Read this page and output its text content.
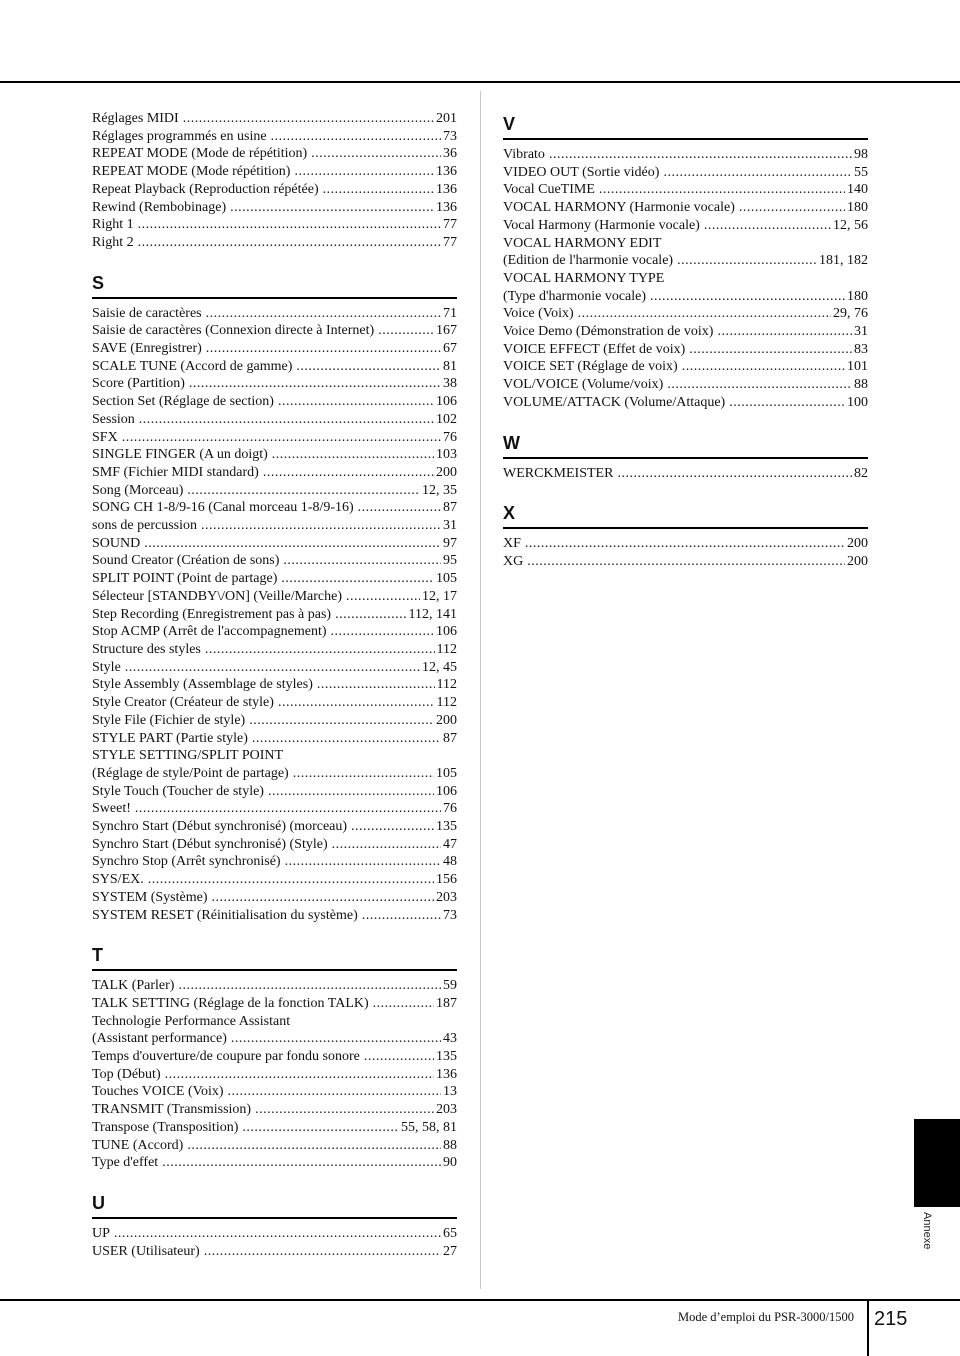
Réglages MIDI .....	201
Réglages programmés en usine .....	73
REPEAT MODE (Mode de répétition) .....	36
REPEAT MODE (Mode répétition) .....	136
Repeat Playback (Reproduction répétée) .....	136
Rewind (Rembobinage) .....	136
Right 1 .....	77
Right 2 .....	77
S
Saisie de caractères .....	71
Saisie de caractères (Connexion directe à Internet) .....	167
SAVE (Enregistrer) .....	67
SCALE TUNE (Accord de gamme) .....	81
Score (Partition) .....	38
Section Set (Réglage de section) .....	106
Session .....	102
SFX .....	76
SINGLE FINGER (A un doigt) .....	103
SMF (Fichier MIDI standard) .....	200
Song (Morceau) .....	12, 35
SONG CH 1-8/9-16 (Canal morceau 1-8/9-16) .....	87
sons de percussion .....	31
SOUND .....	97
Sound Creator (Création de sons) .....	95
SPLIT POINT (Point de partage) .....	105
Sélecteur [STANDBY\/ON] (Veille/Marche) .....	12, 17
Step Recording (Enregistrement pas à pas) .....	112, 141
Stop ACMP (Arrêt de l'accompagnement) .....	106
Structure des styles .....	112
Style .....	12, 45
Style Assembly (Assemblage de styles) .....	112
Style Creator (Créateur de style) .....	112
Style File (Fichier de style) .....	200
STYLE PART (Partie style) .....	87
STYLE SETTING/SPLIT POINT
(Réglage de style/Point de partage) .....	105
Style Touch (Toucher de style) .....	106
Sweet! .....	76
Synchro Start (Début synchronisé) (morceau) .....	135
Synchro Start (Début synchronisé) (Style) .....	47
Synchro Stop (Arrêt synchronisé) .....	48
SYS/EX. .....	156
SYSTEM (Système) .....	203
SYSTEM RESET (Réinitialisation du système) .....	73
T
TALK (Parler) .....	59
TALK SETTING (Réglage de la fonction TALK) .....	187
Technologie Performance Assistant
(Assistant performance) .....	43
Temps d'ouverture/de coupure par fondu sonore .....	135
Top (Début) .....	136
Touches VOICE (Voix) .....	13
TRANSMIT (Transmission) .....	203
Transpose (Transposition) .....	55, 58, 81
TUNE (Accord) .....	88
Type d'effet .....	90
U
UP .....	65
USER (Utilisateur) .....	27
V
Vibrato .....	98
VIDEO OUT (Sortie vidéo) .....	55
Vocal CueTIME .....	140
VOCAL HARMONY (Harmonie vocale) .....	180
Vocal Harmony (Harmonie vocale) .....	12, 56
VOCAL HARMONY EDIT
(Edition de l'harmonie vocale) .....	181, 182
VOCAL HARMONY TYPE
(Type d'harmonie vocale) .....	180
Voice (Voix) .....	29, 76
Voice Demo (Démonstration de voix) .....	31
VOICE EFFECT (Effet de voix) .....	83
VOICE SET (Réglage de voix) .....	101
VOL/VOICE (Volume/voix) .....	88
VOLUME/ATTACK (Volume/Attaque) .....	100
W
WERCKMEISTER .....	82
X
XF .....	200
XG .....	200
Annexe
Mode d’emploi du PSR-3000/1500 215
